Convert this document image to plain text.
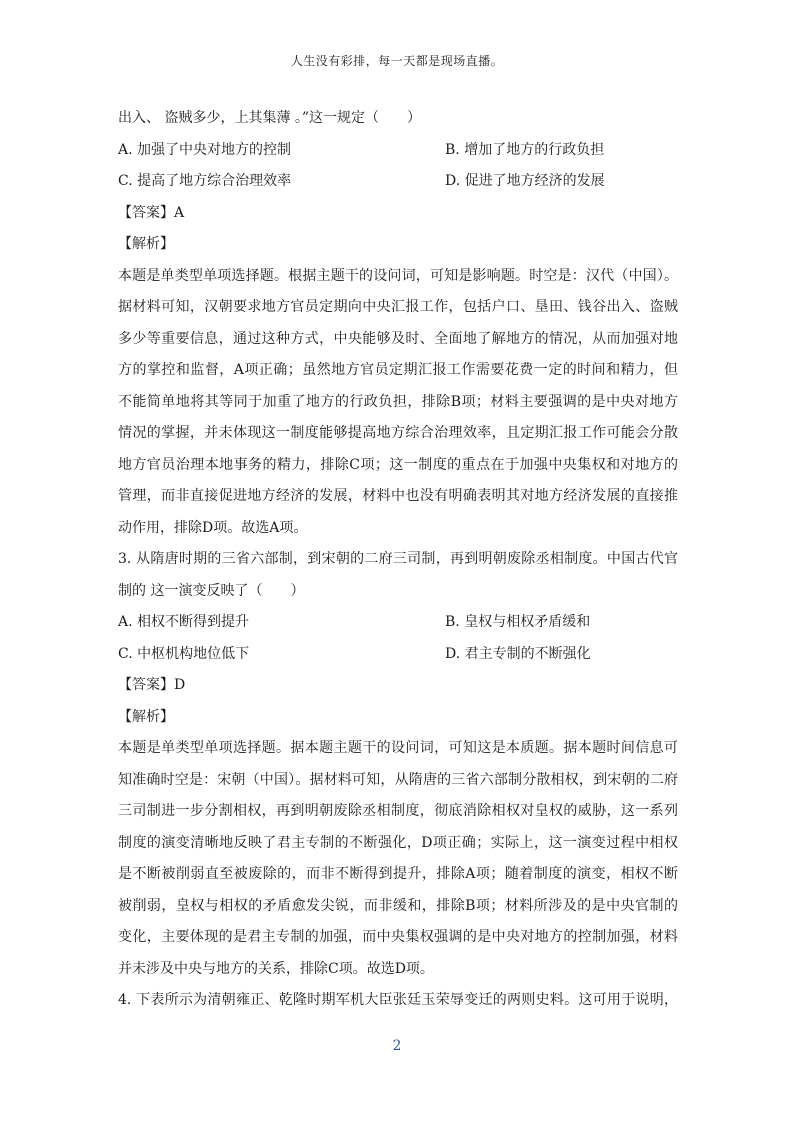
人生没有彩排，每一天都是现场直播。
出入、 盗贼多少，上其集薄 。”这一规定（　　）
A. 加强了中央对地方的控制	B. 增加了地方的行政负担
C. 提高了地方综合治理效率	D. 促进了地方经济的发展
【答案】A
【解析】
本题是单类型单项选择题。根据主题干的设问词，可知是影响题。时空是：汉代（中国）。
据材料可知，汉朝要求地方官员定期向中央汇报工作，包括户口、垦田、钱谷出入、盗贼
多少等重要信息，通过这种方式，中央能够及时、全面地了解地方的情况，从而加强对地
方的掌控和监督，A项正确；虽然地方官员定期汇报工作需要花费一定的时间和精力，但
不能简单地将其等同于加重了地方的行政负担，排除B项；材料主要强调的是中央对地方
情况的掌握，并未体现这一制度能够提高地方综合治理效率，且定期汇报工作可能会分散
地方官员治理本地事务的精力，排除C项；这一制度的重点在于加强中央集权和对地方的
管理，而非直接促进地方经济的发展，材料中也没有明确表明其对地方经济发展的直接推
动作用，排除D项。故选A项。
3. 从隋唐时期的三省六部制，到宋朝的二府三司制，再到明朝废除丞相制度。中国古代官
制的 这一演变反映了（　　）
A. 相权不断得到提升	B. 皇权与相权矛盾缓和
C. 中枢机构地位低下	D. 君主专制的不断强化
【答案】D
【解析】
本题是单类型单项选择题。据本题主题干的设问词，可知这是本质题。据本题时间信息可
知准确时空是：宋朝（中国）。据材料可知，从隋唐的三省六部制分散相权，到宋朝的二府
三司制进一步分割相权，再到明朝废除丞相制度，彻底消除相权对皇权的威胁，这一系列
制度的演变清晰地反映了君主专制的不断强化，D项正确；实际上，这一演变过程中相权
是不断被削弱直至被废除的，而非不断得到提升，排除A项；随着制度的演变，相权不断
被削弱，皇权与相权的矛盾愈发尖锐，而非缓和，排除B项；材料所涉及的是中央官制的
变化，主要体现的是君主专制的加强，而中央集权强调的是中央对地方的控制加强，材料
并未涉及中央与地方的关系，排除C项。故选D项。
4. 下表所示为清朝雍正、乾隆时期军机大臣张廷玉荣辱变迁的两则史料。这可用于说明，
2
